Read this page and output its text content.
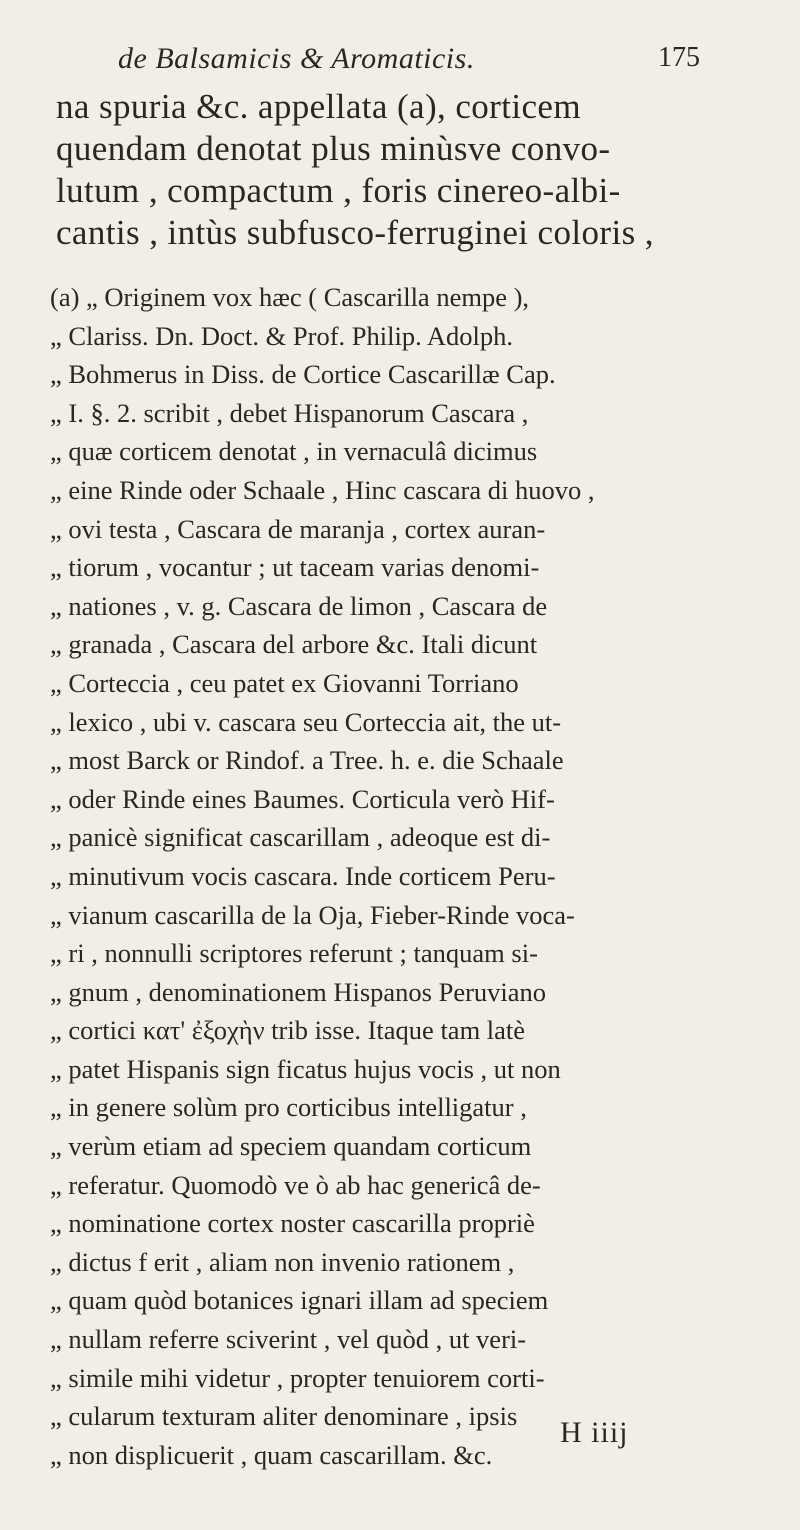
de Balsamicis & Aromaticis.	175
na spuria &c. appellata (a), corticem
quendam denotat plus minùsve convo-
lutum , compactum , foris cinereo-albi-
cantis , intùs subfusco-ferruginei coloris ,
(a) „ Originem vox hæc ( Cascarilla nempe ),
„ Clariss. Dn. Doct. & Prof. Philip. Adolph.
„ Bohmerus in Diss. de Cortice Cascarillæ Cap.
„ I. §. 2. scribit , debet Hispanorum Cascara ,
„ quæ corticem denotat , in vernaculâ dicimus
„ eine Rinde oder Schaale , Hinc cascara di huovo ,
„ ovi testa , Cascara de maranja , cortex auran-
„ tiorum , vocantur ; ut taceam varias denomi-
„ nationes , v. g. Cascara de limon , Cascara de
„ granada , Cascara del arbore &c. Itali dicunt
„ Corteccia , ceu patet ex Giovanni Torriano
„ lexico , ubi v. cascara seu Corteccia ait, the ut-
„ most Barck or Rindof. a Tree. h. e. die Schaale
„ oder Rinde eines Baumes. Corticula verò Hif-
„ panicè significat cascarillam , adeoque est di-
„ minutivum vocis cascara. Inde corticem Peru-
„ vianum cascarilla de la Oja, Fieber-Rinde voca-
„ ri , nonnulli scriptores referunt ; tanquam si-
„ gnum , denominationem Hispanos Peruviano
„ cortici κατ' ἐξοχὴν trib isse. Itaque tam latè
„ patet Hispanis sign ficatus hujus vocis , ut non
„ in genere solùm pro corticibus intelligatur ,
„ verùm etiam ad speciem quandam corticum
„ referatur. Quomodò ve ò ab hac genericâ de-
„ nominatione cortex noster cascarilla propriè
„ dictus f erit , aliam non invenio rationem ,
„ quam quòd botanices ignari illam ad speciem
„ nullam referre sciverint , vel quòd , ut veri-
„ simile mihi videtur , propter tenuiorem corti-
„ cularum texturam aliter denominare , ipsis
„ non displicuerit , quam cascarillam. &c.
H iiij
